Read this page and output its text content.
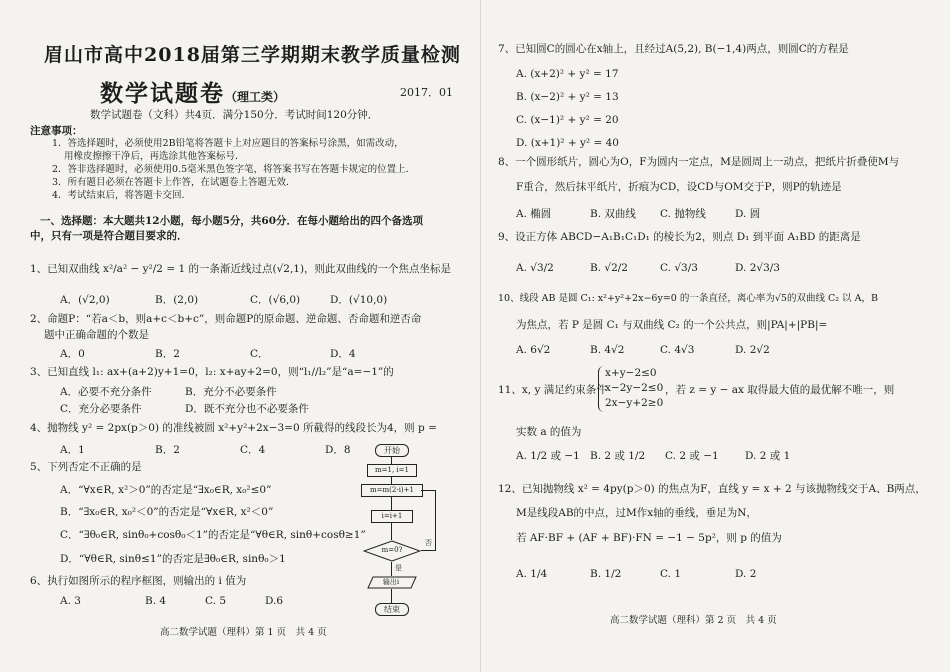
眉山市高中2018届第三学期期末教学质量检测
数学试题卷（理工类）	2017．01
数学试题卷（文科）共4页．满分150分．考试时间120分钟．
注意事项：
1．答选择题时，必须使用2B铅笔将答题卡上对应题目的答案标号涂黑，如需改动，
用橡皮擦擦干净后，再选涂其他答案标号．
2．答非选择题时，必须使用0.5毫米黑色签字笔，将答案书写在答题卡规定的位置上．
3．所有题目必须在答题卡上作答，在试题卷上答题无效．
4．考试结束后，将答题卡交回．
一、选择题：本大题共12小题，每小题5分，共60分．在每小题给出的四个备选项
中，只有一项是符合题目要求的．
1、已知双曲线 x²/a² − y²/2 = 1 的一条渐近线过点(√2,1)，则此双曲线的一个焦点坐标是
A．(√2,0)	B．(2,0)	C．(√6,0)	D．(√10,0)
2、命题P：“若a＜b，则a+c＜b+c”，则命题P的原命题、逆命题、否命题和逆否命
题中正确命题的个数是
A．0	B．2	C．	D．4
3、已知直线 l₁: ax+(a+2)y+1=0，l₂: x+ay+2=0，则“l₁//l₂”是“a=−1”的
A．必要不充分条件	B．充分不必要条件
C．充分必要条件	D．既不充分也不必要条件
4、抛物线 y² = 2px(p＞0) 的准线被圆 x²+y²+2x−3=0 所截得的线段长为4，则 p =
A．1	B．2	C．4	D．8
5、下列否定不正确的是
A．“∀x∈R, x²＞0”的否定是“∃x₀∈R, x₀²≤0”
B．“∃x₀∈R, x₀²＜0”的否定是“∀x∈R, x²＜0”
C．“∃θ₀∈R, sinθ₀+cosθ₀＜1”的否定是“∀θ∈R, sinθ+cosθ≥1”
D．“∀θ∈R, sinθ≤1”的否定是∃θ₀∈R, sinθ₀＞1
6、执行如图所示的程序框图，则输出的 i 值为
A. 3	B. 4	C. 5	D.6
开始
m=1, i=1
m=m(2-i)+1
i=i+1
m=0?
否
是
输出i
结束
高二数学试题（理科）第 1 页　共 4 页
7、已知圆C的圆心在x轴上，且经过A(5,2), B(−1,4)两点，则圆C的方程是
A. (x+2)² + y² = 17
B. (x−2)² + y² = 13
C. (x−1)² + y² = 20
D. (x+1)² + y² = 40
8、一个圆形纸片，圆心为O，F为圆内一定点，M是圆周上一动点，把纸片折叠使M与
F重合，然后抹平纸片，折痕为CD，设CD与OM交于P，则P的轨迹是
A. 椭圆	B. 双曲线 C. 抛物线	D. 圆
9、设正方体 ABCD−A₁B₁C₁D₁ 的棱长为2，则点 D₁ 到平面 A₁BD 的距离是
A. √3/2	B. √2/2	C. √3/3	D. 2√3/3
10、线段 AB 是圆 C₁: x²+y²+2x−6y=0 的一条直径，离心率为√5的双曲线 C₂ 以 A，B
为焦点，若 P 是圆 C₁ 与双曲线 C₂ 的一个公共点，则|PA|+|PB|=
A. 6√2	B. 4√2	C. 4√3	D. 2√2
11、x, y 满足约束条件
x+y−2≤0
x−2y−2≤0
2x−y+2≥0
，若 z = y − ax 取得最大值的最优解不唯一，则
实数 a 的值为
A. 1/2 或 −1 B. 2 或 1/2 C. 2 或 −1	D. 2 或 1
12、已知抛物线 x² = 4py(p＞0) 的焦点为F，直线 y = x + 2 与该抛物线交于A、B两点，
M是线段AB的中点，过M作x轴的垂线，垂足为N，
若 AF·BF + (AF + BF)·FN = −1 − 5p²，则 p 的值为
A. 1/4	B. 1/2	C. 1	D. 2
高二数学试题（理科）第 2 页　共 4 页
